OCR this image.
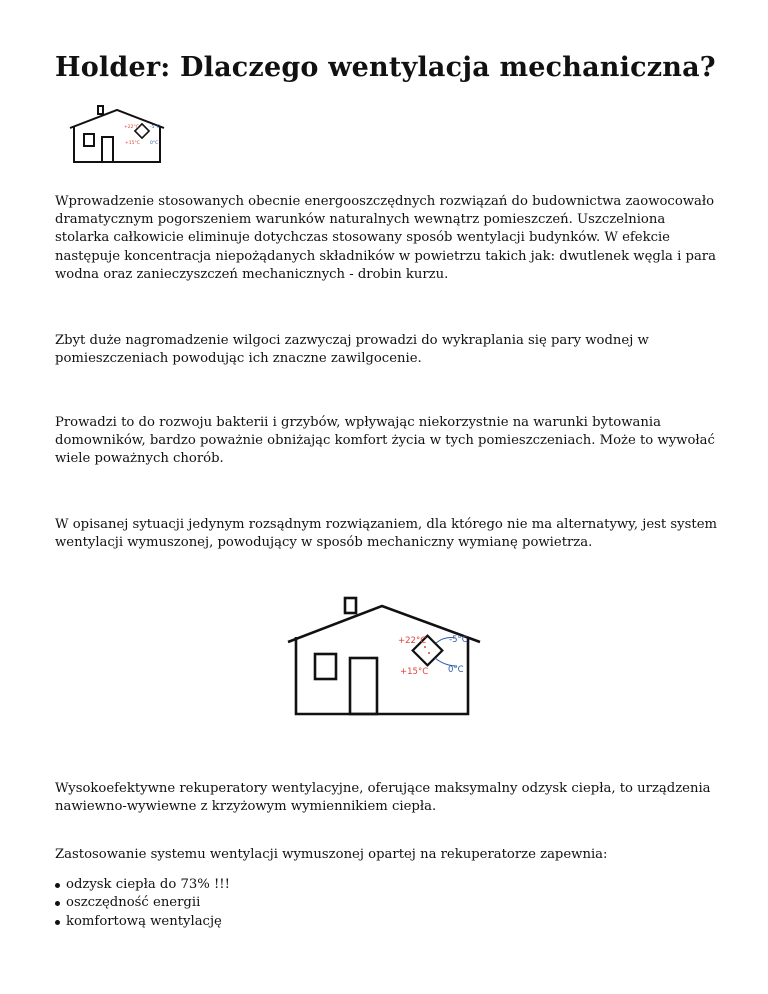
Holder: Dlaczego wentylacja mechaniczna?
+22°C
+15°C
-5°C
0°C

Wprowadzenie stosowanych obecnie energooszczędnych rozwiązań do budownictwa zaowocowało dramatycznym pogorszeniem warunków naturalnych wewnątrz pomieszczeń. Uszczelniona stolarka całkowicie eliminuje dotychczas stosowany sposób wentylacji budynków. W efekcie następuje koncentracja niepożądanych składników w powietrzu takich jak: dwutlenek węgla i para wodna oraz zanieczyszczeń mechanicznych - drobin kurzu.

Zbyt duże nagromadzenie wilgoci zazwyczaj prowadzi do wykraplania się pary wodnej w pomieszczeniach powodując ich znaczne zawilgocenie.

Prowadzi to do rozwoju bakterii i grzybów, wpływając niekorzystnie na warunki bytowania domowników, bardzo poważnie obniżając komfort życia w tych pomieszczeniach. Może to wywołać wiele poważnych chorób.

W opisanej sytuacji jedynym rozsądnym rozwiązaniem, dla którego nie ma alternatywy, jest system wentylacji wymuszonej, powodujący w sposób mechaniczny wymianę powietrza.

+22°C
+15°C
-5°C
0°C

Wysokoefektywne rekuperatory wentylacyjne, oferujące maksymalny odzysk ciepła, to urządzenia nawiewno-wywiewne z krzyżowym wymiennikiem ciepła.

Zastosowanie systemu wentylacji wymuszonej opartej na rekuperatorze zapewnia:

odzysk ciepła do 73% !!!
oszczędność energii
komfortową wentylację
